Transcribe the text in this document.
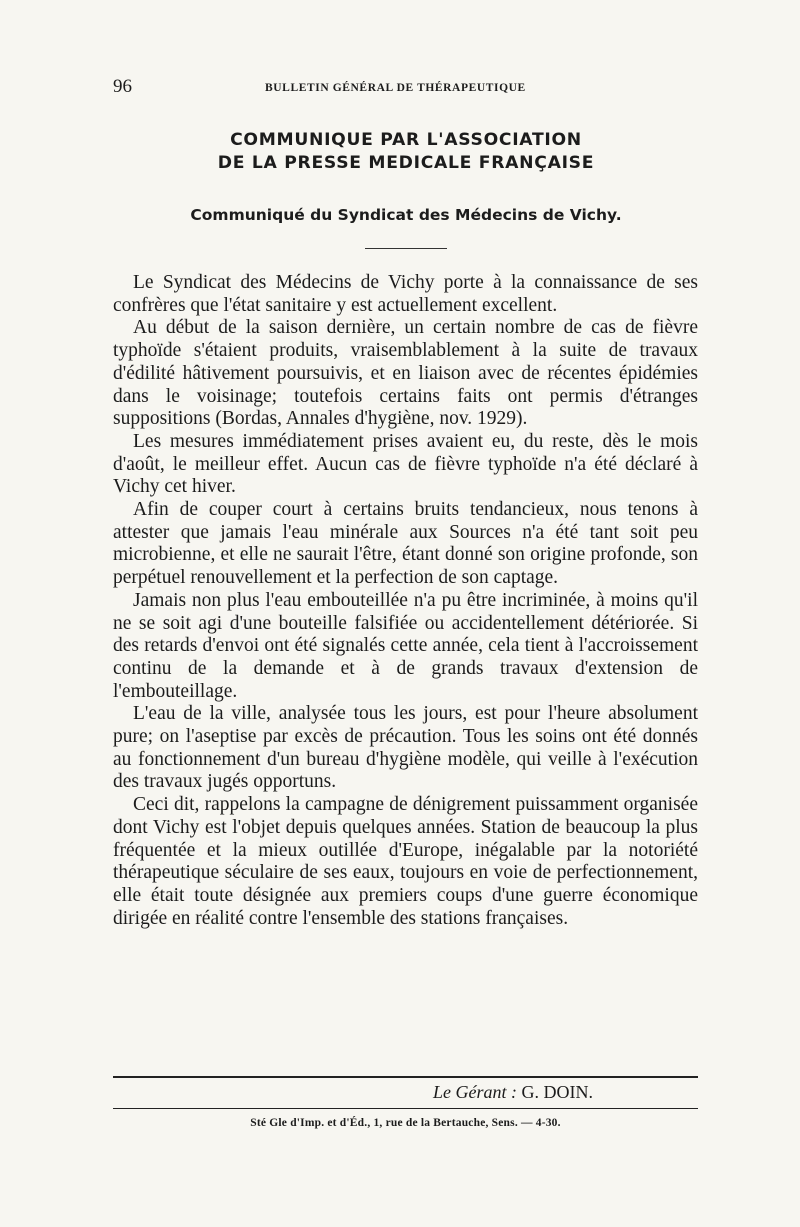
96	BULLETIN GÉNÉRAL DE THÉRAPEUTIQUE
COMMUNIQUE PAR L'ASSOCIATION
DE LA PRESSE MEDICALE FRANÇAISE
Communiqué du Syndicat des Médecins de Vichy.

Le Syndicat des Médecins de Vichy porte à la connaissance de ses confrères que l'état sanitaire y est actuellement excellent.

Au début de la saison dernière, un certain nombre de cas de fièvre typhoïde s'étaient produits, vraisemblablement à la suite de travaux d'édilité hâtivement poursuivis, et en liaison avec de récentes épidémies dans le voisinage; toutefois certains faits ont permis d'étranges suppositions (Bordas, Annales d'hygiène, nov. 1929).

Les mesures immédiatement prises avaient eu, du reste, dès le mois d'août, le meilleur effet. Aucun cas de fièvre typhoïde n'a été déclaré à Vichy cet hiver.

Afin de couper court à certains bruits tendancieux, nous tenons à attester que jamais l'eau minérale aux Sources n'a été tant soit peu microbienne, et elle ne saurait l'être, étant donné son origine profonde, son perpétuel renouvellement et la perfection de son captage.

Jamais non plus l'eau embouteillée n'a pu être incriminée, à moins qu'il ne se soit agi d'une bouteille falsifiée ou accidentellement détériorée. Si des retards d'envoi ont été signalés cette année, cela tient à l'accroissement continu de la demande et à de grands travaux d'extension de l'embouteillage.

L'eau de la ville, analysée tous les jours, est pour l'heure absolument pure; on l'aseptise par excès de précaution. Tous les soins ont été donnés au fonctionnement d'un bureau d'hygiène modèle, qui veille à l'exécution des travaux jugés opportuns.

Ceci dit, rappelons la campagne de dénigrement puissamment organisée dont Vichy est l'objet depuis quelques années. Station de beaucoup la plus fréquentée et la mieux outillée d'Europe, inégalable par la notoriété thérapeutique séculaire de ses eaux, toujours en voie de perfectionnement, elle était toute désignée aux premiers coups d'une guerre économique dirigée en réalité contre l'ensemble des stations françaises.

Le Gérant : G. DOIN.
Sté Gle d'Imp. et d'Éd., 1, rue de la Bertauche, Sens. — 4-30.
